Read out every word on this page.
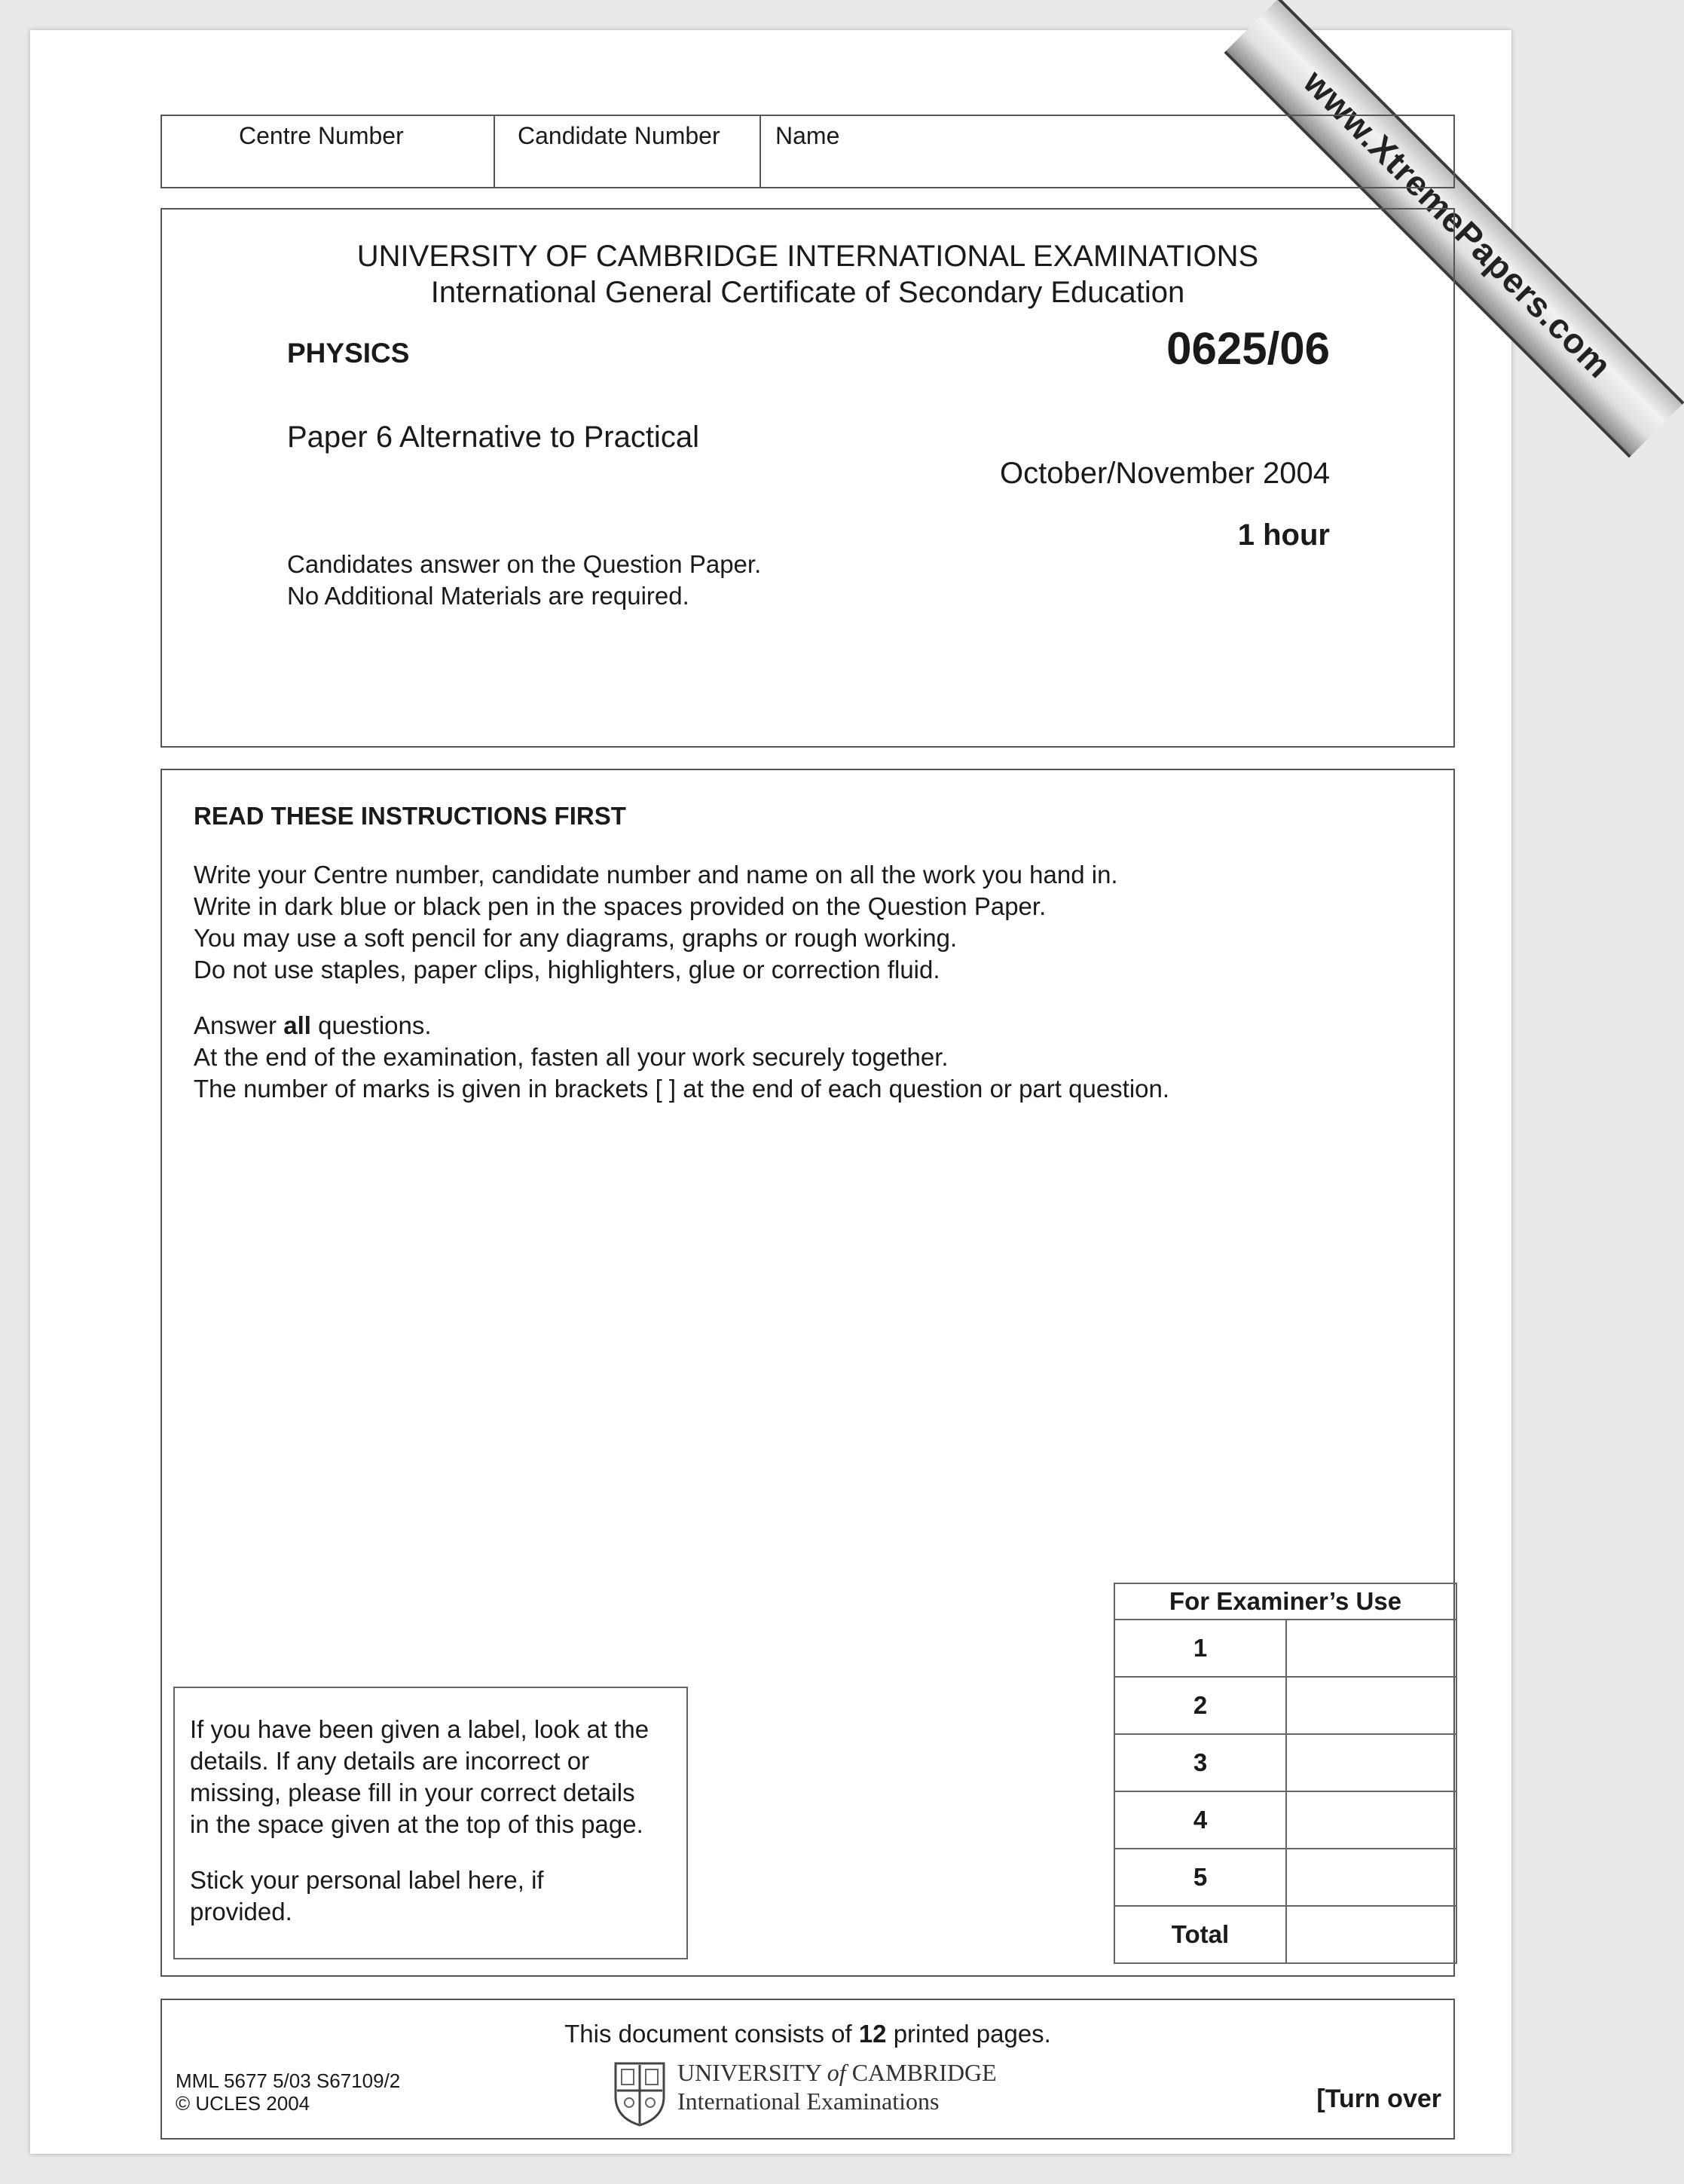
www.XtremePapers.com
Centre Number	Candidate Number Name
UNIVERSITY OF CAMBRIDGE INTERNATIONAL EXAMINATIONS
International General Certificate of Secondary Education
PHYSICS	0625/06
Paper 6 Alternative to Practical
October/November 2004
1 hour
Candidates answer on the Question Paper.
No Additional Materials are required.
READ THESE INSTRUCTIONS FIRST

Write your Centre number, candidate number and name on all the work you hand in.

Write in dark blue or black pen in the spaces provided on the Question Paper.

You may use a soft pencil for any diagrams, graphs or rough working.

Do not use staples, paper clips, highlighters, glue or correction fluid.

Answer all questions.

At the end of the examination, fasten all your work securely together.

The number of marks is given in brackets [ ] at the end of each question or part question.

For Examiner’s Use	
1	
2	
3	
4	
5	
Total	

If you have been given a label, look at the

details. If any details are incorrect or

missing, please fill in your correct details

in the space given at the top of this page.

Stick your personal label here, if

provided.

This document consists of 12 printed pages.
MML 5677 5/03 S67109/2
© UCLES 2004
UNIVERSITY of CAMBRIDGE
International Examinations	[Turn over
